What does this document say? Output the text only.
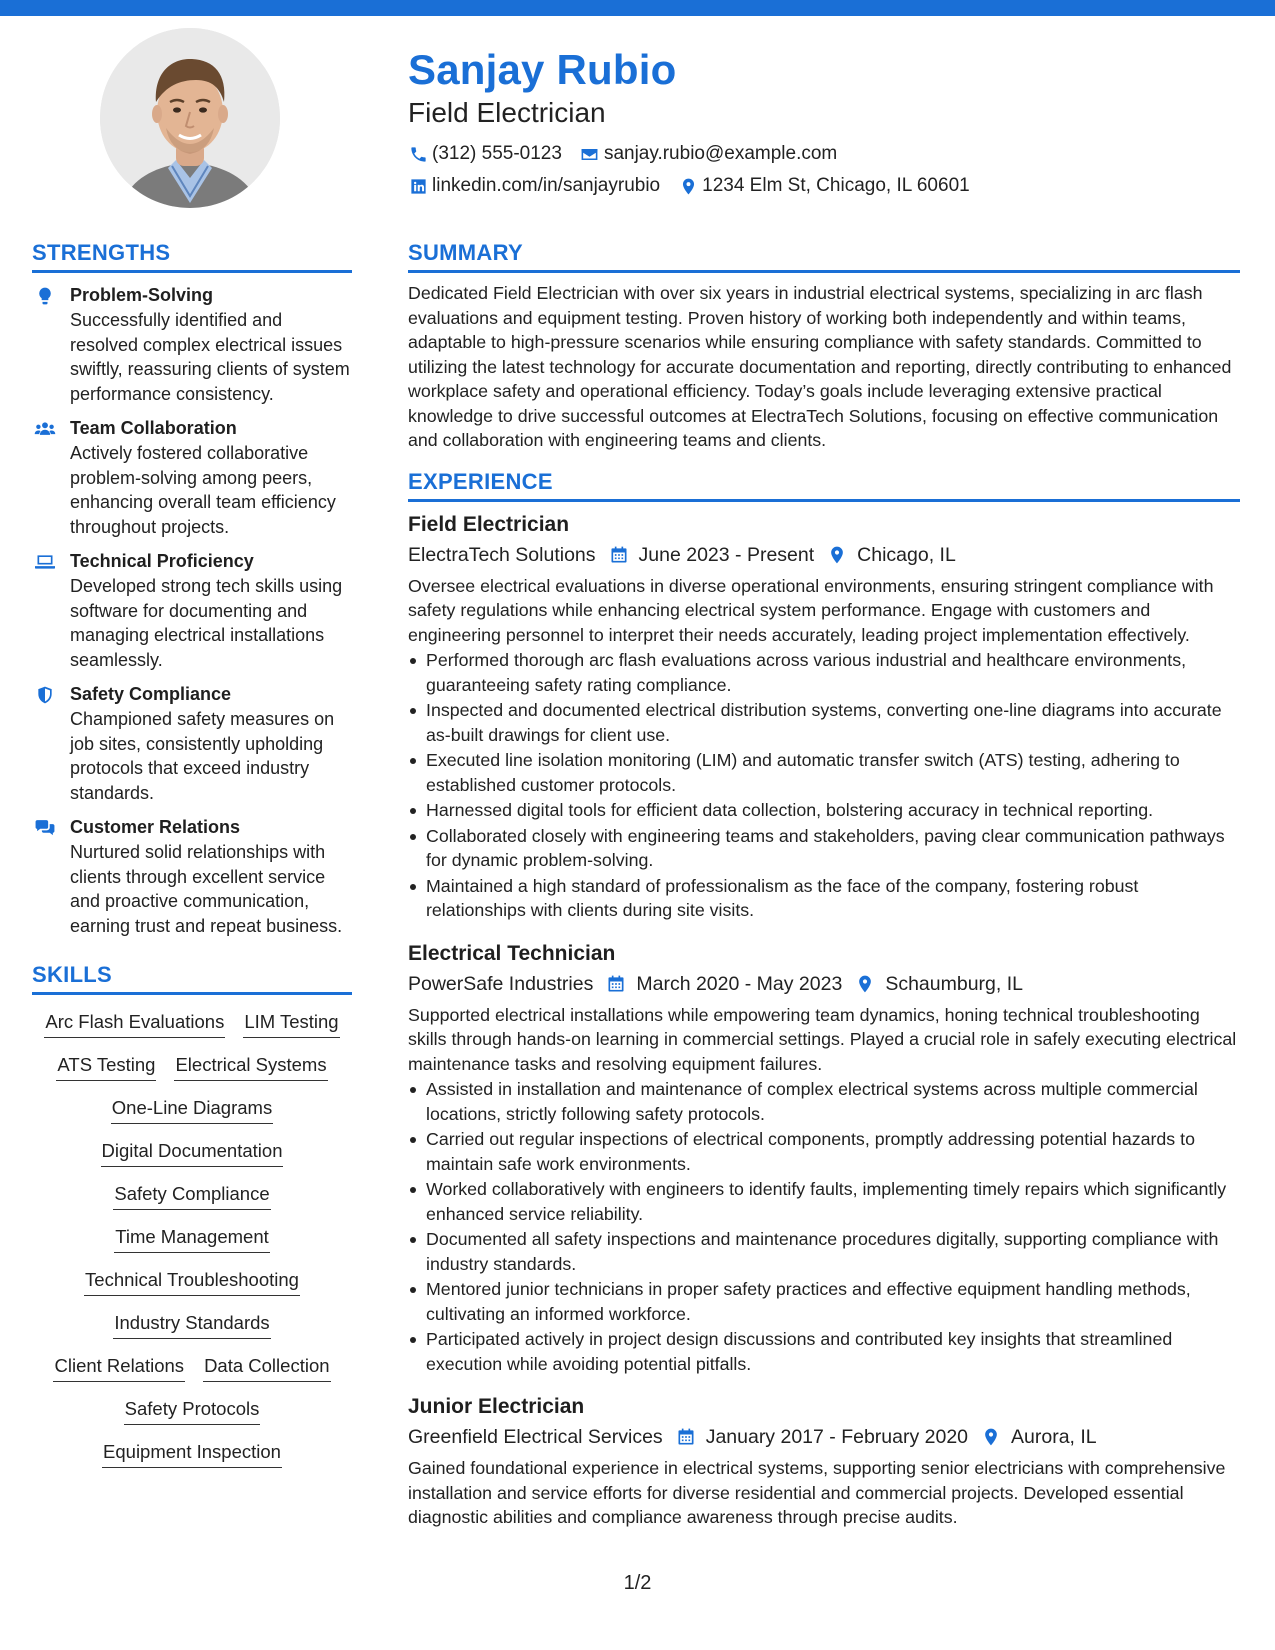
Sanjay Rubio
Field Electrician
(312) 555-0123 sanjay.rubio@example.com
linkedin.com/in/sanjayrubio 1234 Elm St, Chicago, IL 60601
STRENGTHS
Problem-Solving
Successfully identified and resolved complex electrical issues swiftly, reassuring clients of system performance consistency.
Team Collaboration
Actively fostered collaborative problem-solving among peers, enhancing overall team efficiency throughout projects.
Technical Proficiency
Developed strong tech skills using software for documenting and managing electrical installations seamlessly.
Safety Compliance
Championed safety measures on job sites, consistently upholding protocols that exceed industry standards.
Customer Relations
Nurtured solid relationships with clients through excellent service and proactive communication, earning trust and repeat business.
SKILLS
Arc Flash Evaluations LIM Testing
ATS Testing Electrical Systems
One-Line Diagrams
Digital Documentation
Safety Compliance
Time Management
Technical Troubleshooting
Industry Standards
Client Relations Data Collection
Safety Protocols
Equipment Inspection
SUMMARY
Dedicated Field Electrician with over six years in industrial electrical systems, specializing in arc flash evaluations and equipment testing. Proven history of working both independently and within teams, adaptable to high-pressure scenarios while ensuring compliance with safety standards. Committed to utilizing the latest technology for accurate documentation and reporting, directly contributing to enhanced workplace safety and operational efficiency. Today’s goals include leveraging extensive practical knowledge to drive successful outcomes at ElectraTech Solutions, focusing on effective communication and collaboration with engineering teams and clients.
EXPERIENCE
Field Electrician
ElectraTech Solutions June 2023 - Present Chicago, IL
Oversee electrical evaluations in diverse operational environments, ensuring stringent compliance with safety regulations while enhancing electrical system performance. Engage with customers and engineering personnel to interpret their needs accurately, leading project implementation effectively.
Performed thorough arc flash evaluations across various industrial and healthcare environments, guaranteeing safety rating compliance.
Inspected and documented electrical distribution systems, converting one-line diagrams into accurate as-built drawings for client use.
Executed line isolation monitoring (LIM) and automatic transfer switch (ATS) testing, adhering to established customer protocols.
Harnessed digital tools for efficient data collection, bolstering accuracy in technical reporting.
Collaborated closely with engineering teams and stakeholders, paving clear communication pathways for dynamic problem-solving.
Maintained a high standard of professionalism as the face of the company, fostering robust relationships with clients during site visits.
Electrical Technician
PowerSafe Industries March 2020 - May 2023 Schaumburg, IL
Supported electrical installations while empowering team dynamics, honing technical troubleshooting skills through hands-on learning in commercial settings. Played a crucial role in safely executing electrical maintenance tasks and resolving equipment failures.
Assisted in installation and maintenance of complex electrical systems across multiple commercial locations, strictly following safety protocols.
Carried out regular inspections of electrical components, promptly addressing potential hazards to maintain safe work environments.
Worked collaboratively with engineers to identify faults, implementing timely repairs which significantly enhanced service reliability.
Documented all safety inspections and maintenance procedures digitally, supporting compliance with industry standards.
Mentored junior technicians in proper safety practices and effective equipment handling methods, cultivating an informed workforce.
Participated actively in project design discussions and contributed key insights that streamlined execution while avoiding potential pitfalls.
Junior Electrician
Greenfield Electrical Services January 2017 - February 2020 Aurora, IL
Gained foundational experience in electrical systems, supporting senior electricians with comprehensive installation and service efforts for diverse residential and commercial projects. Developed essential diagnostic abilities and compliance awareness through precise audits.
1/2
